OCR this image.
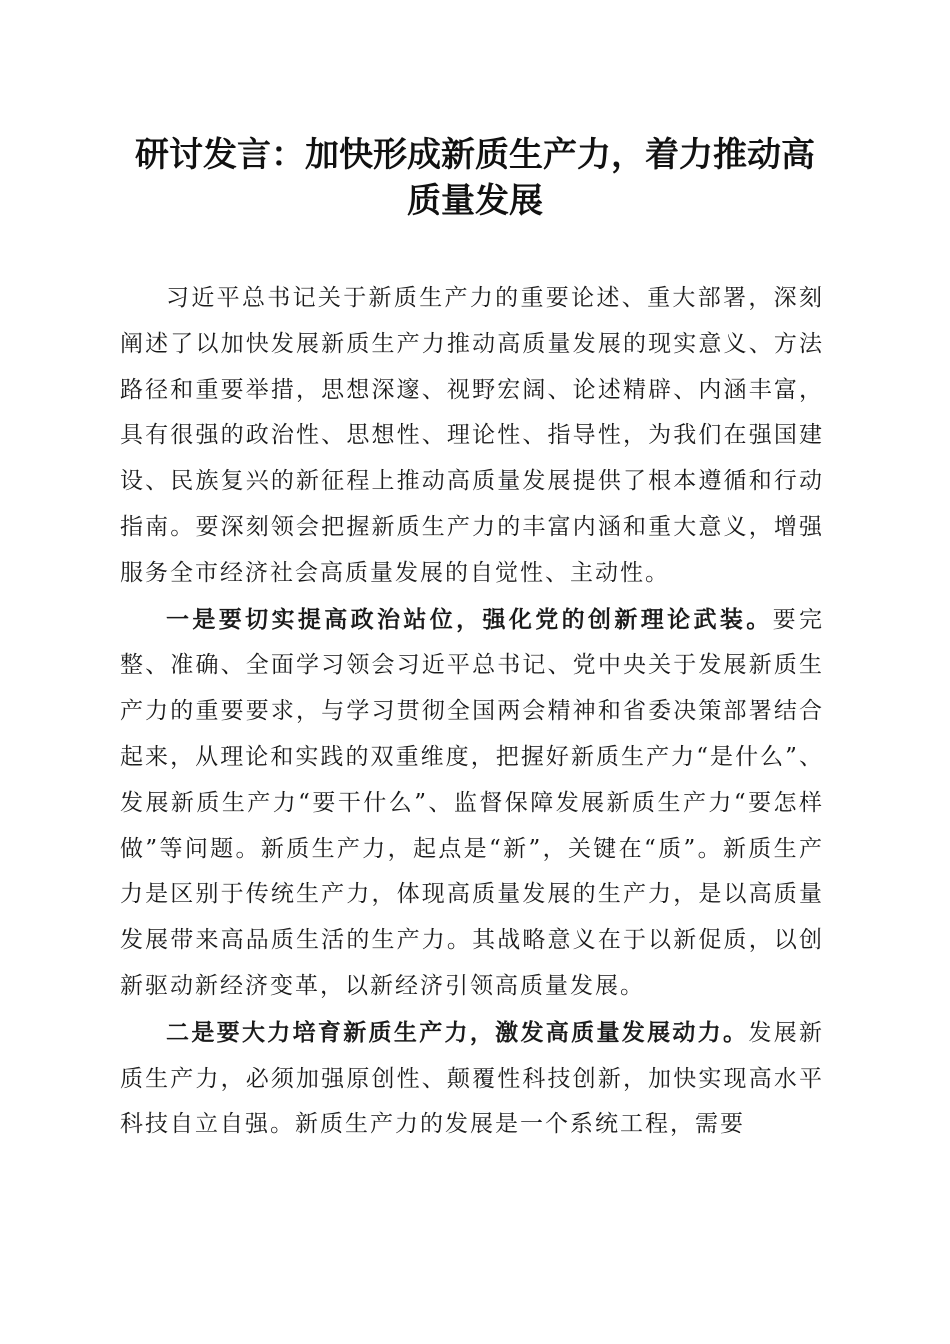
研讨发言：加快形成新质生产力，着力推动高
质量发展

习近平总书记关于新质生产力的重要论述、重大部署，深刻阐述了以加快发展新质生产力推动高质量发展的现实意义、方法路径和重要举措，思想深邃、视野宏阔、论述精辟、内涵丰富，具有很强的政治性、思想性、理论性、指导性，为我们在强国建设、民族复兴的新征程上推动高质量发展提供了根本遵循和行动指南。要深刻领会把握新质生产力的丰富内涵和重大意义，增强服务全市经济社会高质量发展的自觉性、主动性。

一是要切实提高政治站位，强化党的创新理论武装。要完整、准确、全面学习领会习近平总书记、党中央关于发展新质生产力的重要要求，与学习贯彻全国两会精神和省委决策部署结合起来，从理论和实践的双重维度，把握好新质生产力“是什么”、发展新质生产力“要干什么”、监督保障发展新质生产力“要怎样做”等问题。新质生产力，起点是“新”，关键在“质”。新质生产力是区别于传统生产力，体现高质量发展的生产力，是以高质量发展带来高品质生活的生产力。其战略意义在于以新促质，以创新驱动新经济变革，以新经济引领高质量发展。

二是要大力培育新质生产力，激发高质量发展动力。发展新质生产力，必须加强原创性、颠覆性科技创新，加快实现高水平科技自立自强。新质生产力的发展是一个系统工程，需要
